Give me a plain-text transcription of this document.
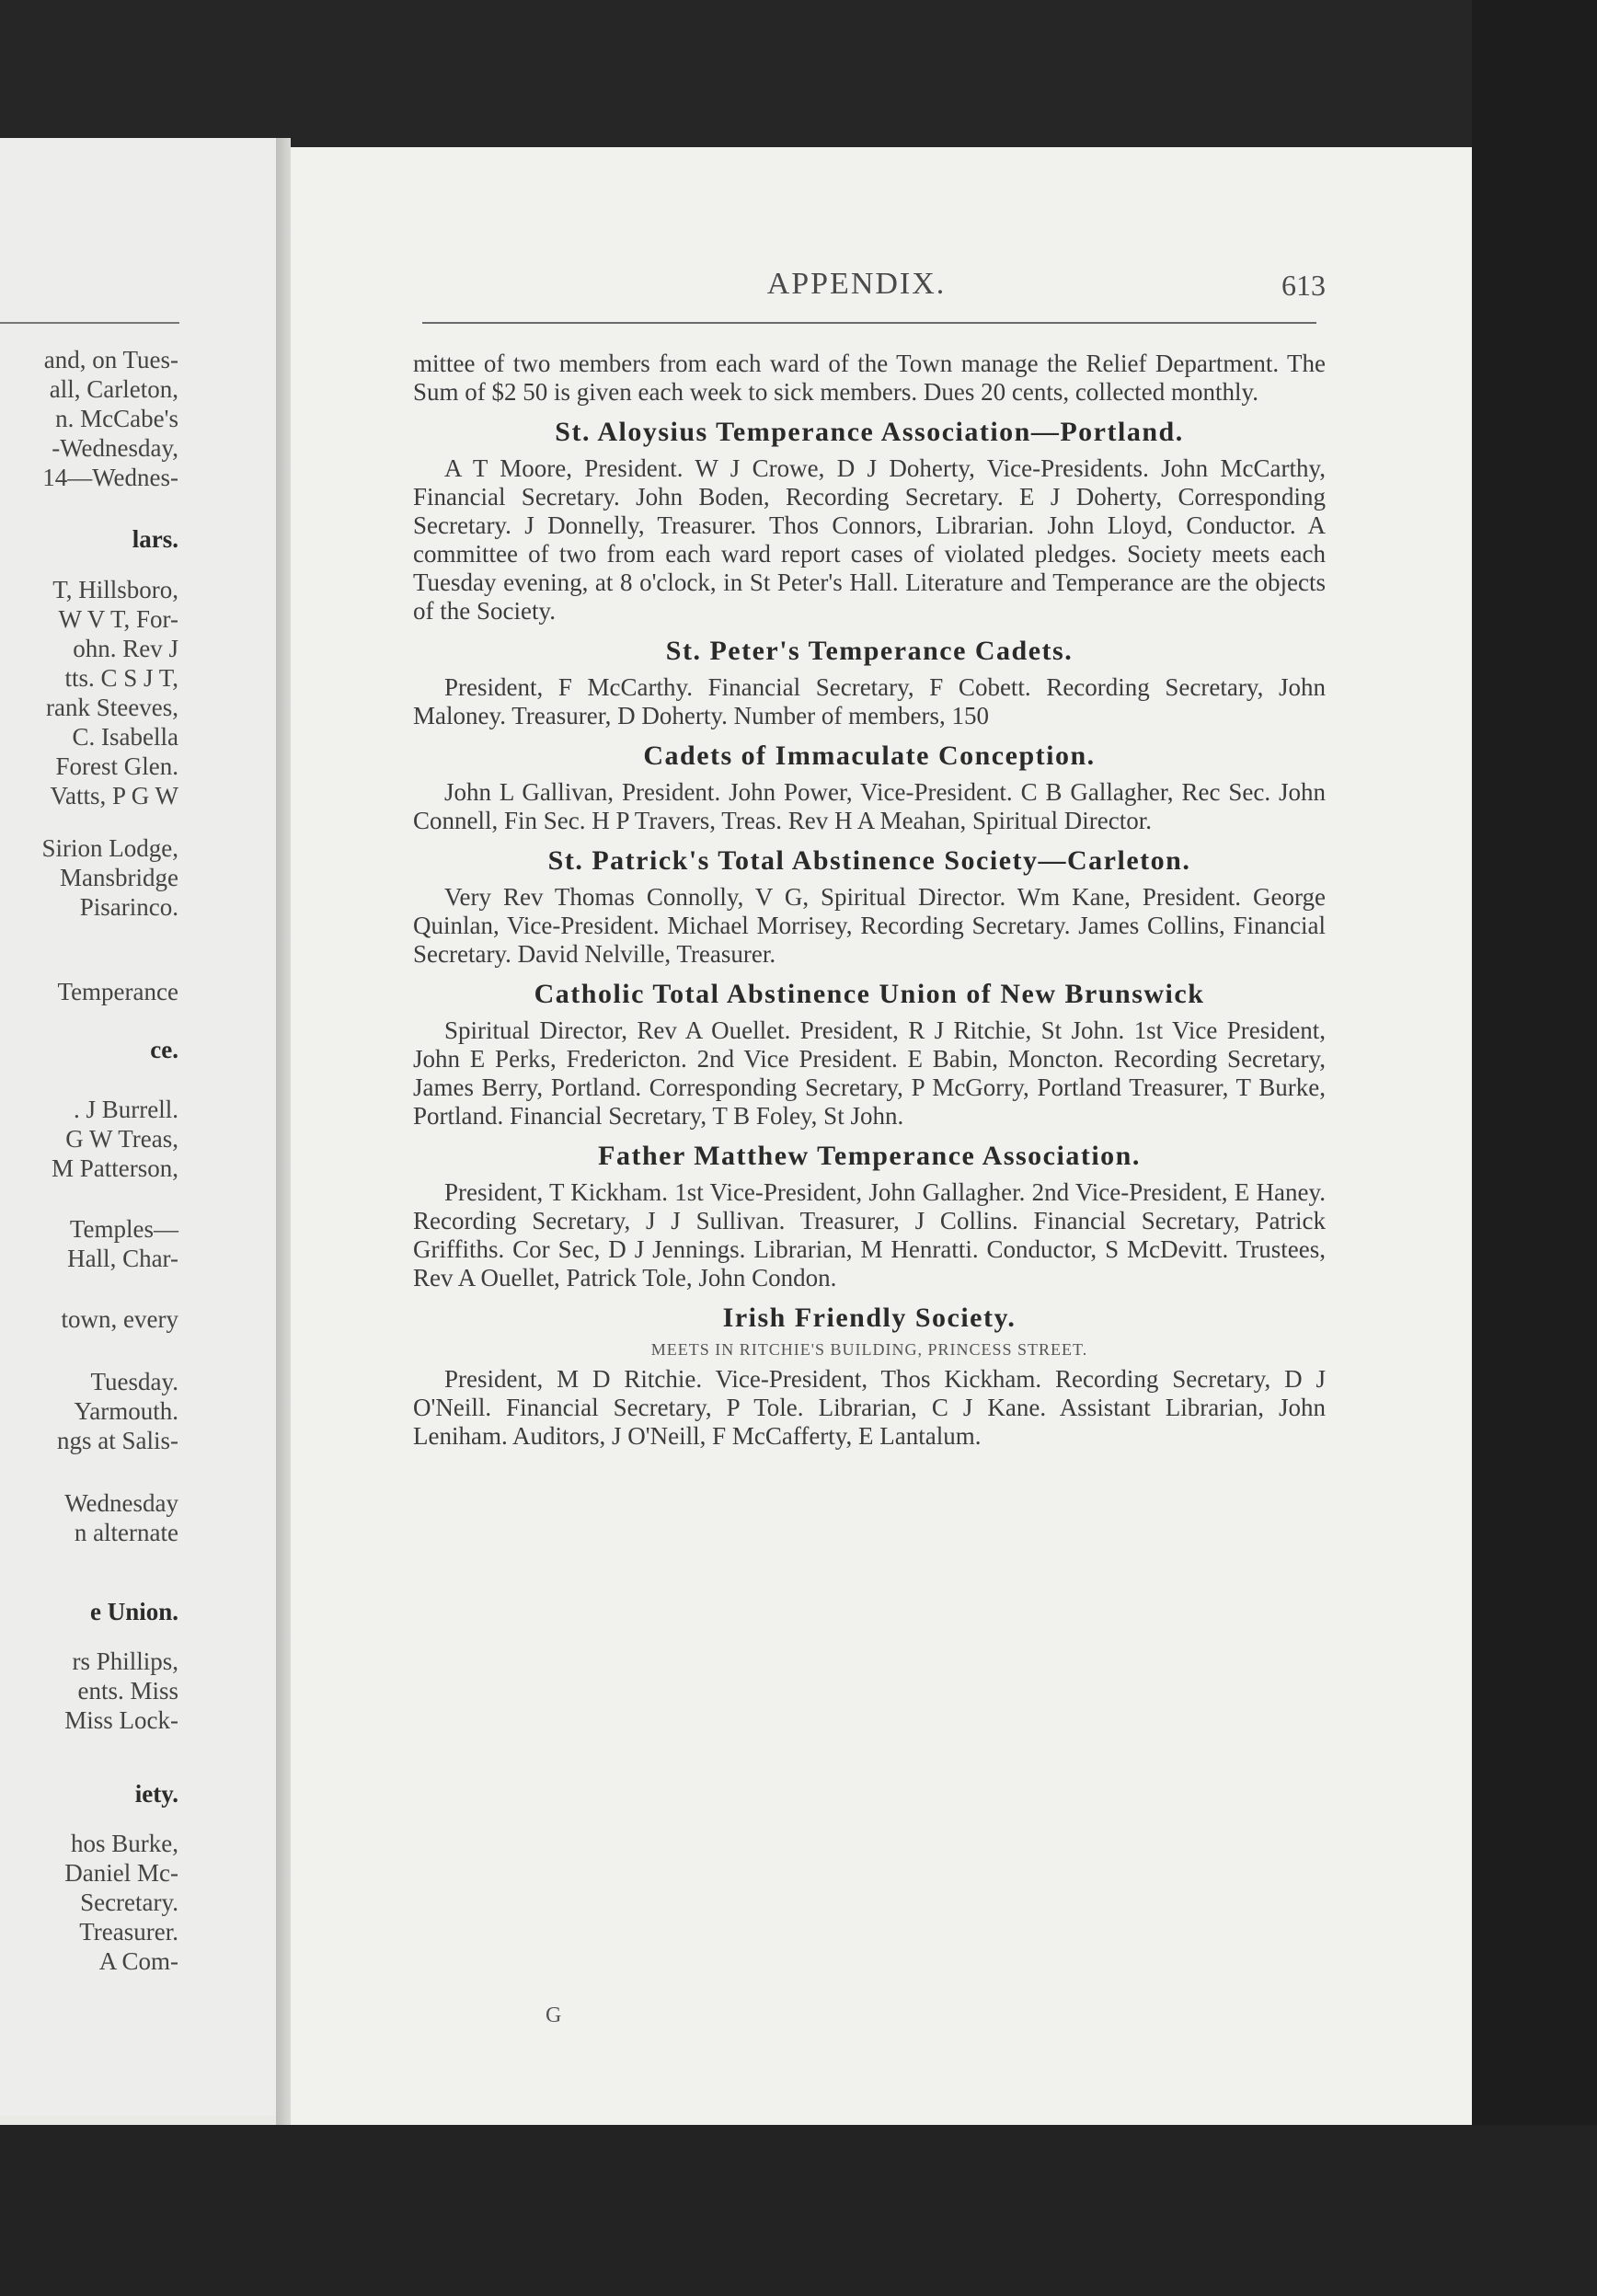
and, on Tues-
all, Carleton,
n. McCabe's
-Wednesday,
14—Wednes-
lars.
T, Hillsboro,
W V T, For-
ohn. Rev J
tts. C S J T,
rank Steeves,
C. Isabella
Forest Glen.
Vatts, P G W
Sirion Lodge,
Mansbridge
Pisarinco.
Temperance
ce.
. J Burrell.
G W Treas,
M Patterson,
Temples—
Hall, Char-
town, every
Tuesday.
Yarmouth.
ngs at Salis-
Wednesday
n alternate
e Union.
rs Phillips,
ents. Miss
Miss Lock-
iety.
hos Burke,
Daniel Mc-
Secretary.
Treasurer.
A Com-
APPENDIX.	613

mittee of two members from each ward of the Town manage the Relief Department. The Sum of $2 50 is given each week to sick members. Dues 20 cents, collected monthly.

St. Aloysius Temperance Association—Portland.

A T Moore, President. W J Crowe, D J Doherty, Vice-Presidents. John McCarthy, Financial Secretary. John Boden, Recording Secretary. E J Doherty, Corresponding Secretary. J Donnelly, Treasurer. Thos Connors, Librarian. John Lloyd, Conductor. A committee of two from each ward report cases of violated pledges. Society meets each Tuesday evening, at 8 o'clock, in St Peter's Hall. Literature and Temperance are the objects of the Society.

St. Peter's Temperance Cadets.

President, F McCarthy. Financial Secretary, F Cobett. Recording Secretary, John Maloney. Treasurer, D Doherty. Number of members, 150

Cadets of Immaculate Conception.

John L Gallivan, President. John Power, Vice-President. C B Gallagher, Rec Sec. John Connell, Fin Sec. H P Travers, Treas. Rev H A Meahan, Spiritual Director.

St. Patrick's Total Abstinence Society—Carleton.

Very Rev Thomas Connolly, V G, Spiritual Director. Wm Kane, President. George Quinlan, Vice-President. Michael Morrisey, Recording Secretary. James Collins, Financial Secretary. David Nelville, Treasurer.

Catholic Total Abstinence Union of New Brunswick

Spiritual Director, Rev A Ouellet. President, R J Ritchie, St John. 1st Vice President, John E Perks, Fredericton. 2nd Vice President. E Babin, Moncton. Recording Secretary, James Berry, Portland. Corresponding Secretary, P McGorry, Portland Treasurer, T Burke, Portland. Financial Secretary, T B Foley, St John.

Father Matthew Temperance Association.

President, T Kickham. 1st Vice-President, John Gallagher. 2nd Vice-President, E Haney. Recording Secretary, J J Sullivan. Treasurer, J Collins. Financial Secretary, Patrick Griffiths. Cor Sec, D J Jennings. Librarian, M Henratti. Conductor, S McDevitt. Trustees, Rev A Ouellet, Patrick Tole, John Condon.

Irish Friendly Society.
MEETS IN RITCHIE'S BUILDING, PRINCESS STREET.

President, M D Ritchie. Vice-President, Thos Kickham. Recording Secretary, D J O'Neill. Financial Secretary, P Tole. Librarian, C J Kane. Assistant Librarian, John Leniham. Auditors, J O'Neill, F McCafferty, E Lantalum.

G
